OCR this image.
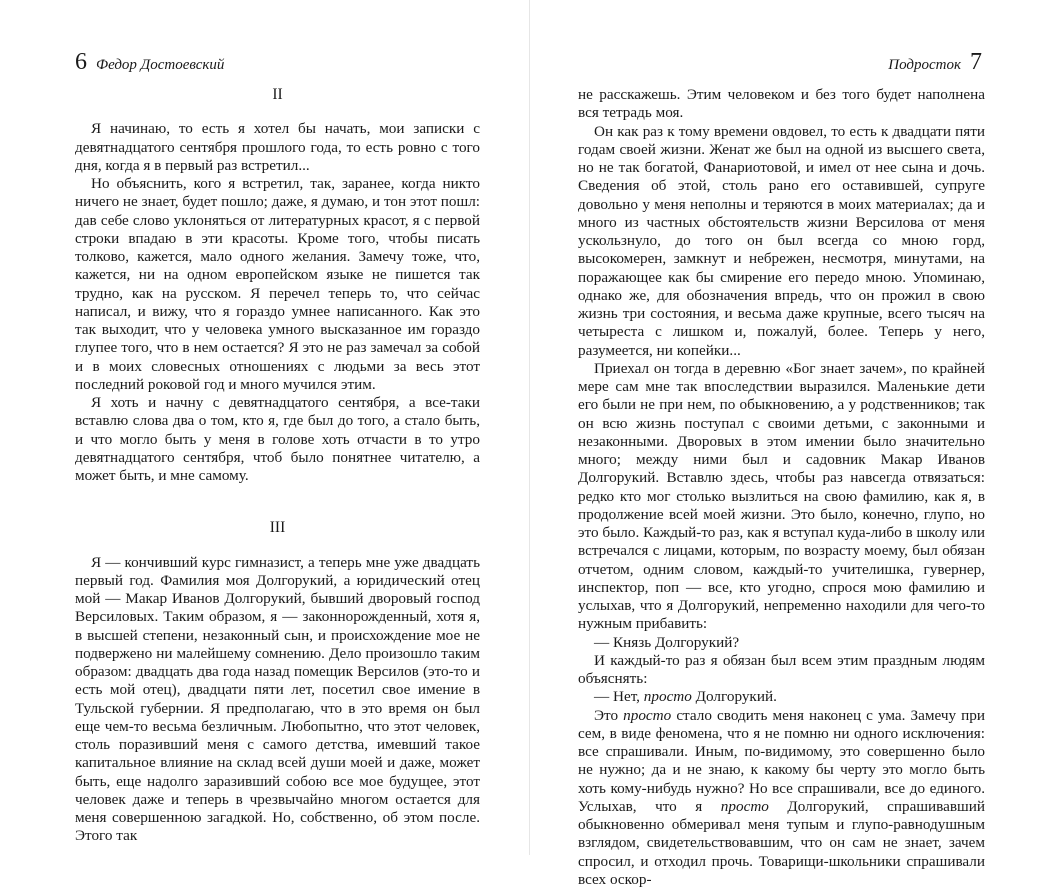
6 Федор Достоевский
II

Я начинаю, то есть я хотел бы начать, мои записки с девятнадцатого сентября прошлого года, то есть ровно с того дня, когда я в первый раз встретил...

Но объяснить, кого я встретил, так, заранее, когда никто ничего не знает, будет пошло; даже, я думаю, и тон этот пошл: дав себе слово уклоняться от литературных красот, я с первой строки впадаю в эти красоты. Кроме того, чтобы писать толково, кажется, мало одного желания. Замечу тоже, что, кажется, ни на одном европейском языке не пишется так трудно, как на русском. Я перечел теперь то, что сейчас написал, и вижу, что я гораздо умнее написанного. Как это так выходит, что у человека умного высказанное им гораздо глупее того, что в нем остается? Я это не раз замечал за собой и в моих словесных отношениях с людьми за весь этот последний роковой год и много мучился этим.

Я хоть и начну с девятнадцатого сентября, а все-таки вставлю слова два о том, кто я, где был до того, а стало быть, и что могло быть у меня в голове хоть отчасти в то утро девятнадцатого сентября, чтоб было понятнее читателю, а может быть, и мне самому.

III

Я — кончивший курс гимназист, а теперь мне уже двадцать первый год. Фамилия моя Долгорукий, а юридический отец мой — Макар Иванов Долгорукий, бывший дворовый господ Версиловых. Таким образом, я — законнорожденный, хотя я, в высшей степени, незаконный сын, и происхождение мое не подвержено ни малейшему сомнению. Дело произошло таким образом: двадцать два года назад помещик Версилов (это-то и есть мой отец), двадцати пяти лет, посетил свое имение в Тульской губернии. Я предполагаю, что в это время он был еще чем-то весьма безличным. Любопытно, что этот человек, столь поразивший меня с самого детства, имевший такое капитальное влияние на склад всей души моей и даже, может быть, еще надолго заразивший собою все мое будущее, этот человек даже и теперь в чрезвычайно многом остается для меня совершенною загадкой. Но, собственно, об этом после. Этого так

Подросток 7

не расскажешь. Этим человеком и без того будет наполнена вся тетрадь моя.

Он как раз к тому времени овдовел, то есть к двадцати пяти годам своей жизни. Женат же был на одной из высшего света, но не так богатой, Фанариотовой, и имел от нее сына и дочь. Сведения об этой, столь рано его оставившей, супруге довольно у меня неполны и теряются в моих материалах; да и много из частных обстоятельств жизни Версилова от меня ускользнуло, до того он был всегда со мною горд, высокомерен, замкнут и небрежен, несмотря, минутами, на поражающее как бы смирение его передо мною. Упоминаю, однако же, для обозначения впредь, что он прожил в свою жизнь три состояния, и весьма даже крупные, всего тысяч на четыреста с лишком и, пожалуй, более. Теперь у него, разумеется, ни копейки...

Приехал он тогда в деревню «Бог знает зачем», по крайней мере сам мне так впоследствии выразился. Маленькие дети его были не при нем, по обыкновению, а у родственников; так он всю жизнь поступал с своими детьми, с законными и незаконными. Дворовых в этом имении было значительно много; между ними был и садовник Макар Иванов Долгорукий. Вставлю здесь, чтобы раз навсегда отвязаться: редко кто мог столько вызлиться на свою фамилию, как я, в продолжение всей моей жизни. Это было, конечно, глупо, но это было. Каждый-то раз, как я вступал куда-либо в школу или встречался с лицами, которым, по возрасту моему, был обязан отчетом, одним словом, каждый-то учителишка, гувернер, инспектор, поп — все, кто угодно, спрося мою фамилию и услыхав, что я Долгорукий, непременно находили для чего-то нужным прибавить:

— Князь Долгорукий?

И каждый-то раз я обязан был всем этим праздным людям объяснять:

— Нет, просто Долгорукий.

Это просто стало сводить меня наконец с ума. Замечу при сем, в виде феномена, что я не помню ни одного исключения: все спрашивали. Иным, по-видимому, это совершенно было не нужно; да и не знаю, к какому бы черту это могло быть хоть кому-нибудь нужно? Но все спрашивали, все до единого. Услыхав, что я просто Долгорукий, спрашивавший обыкновенно обмеривал меня тупым и глупо-равнодушным взглядом, свидетельствовавшим, что он сам не знает, зачем спросил, и отходил прочь. Товарищи-школьники спрашивали всех оскор-
